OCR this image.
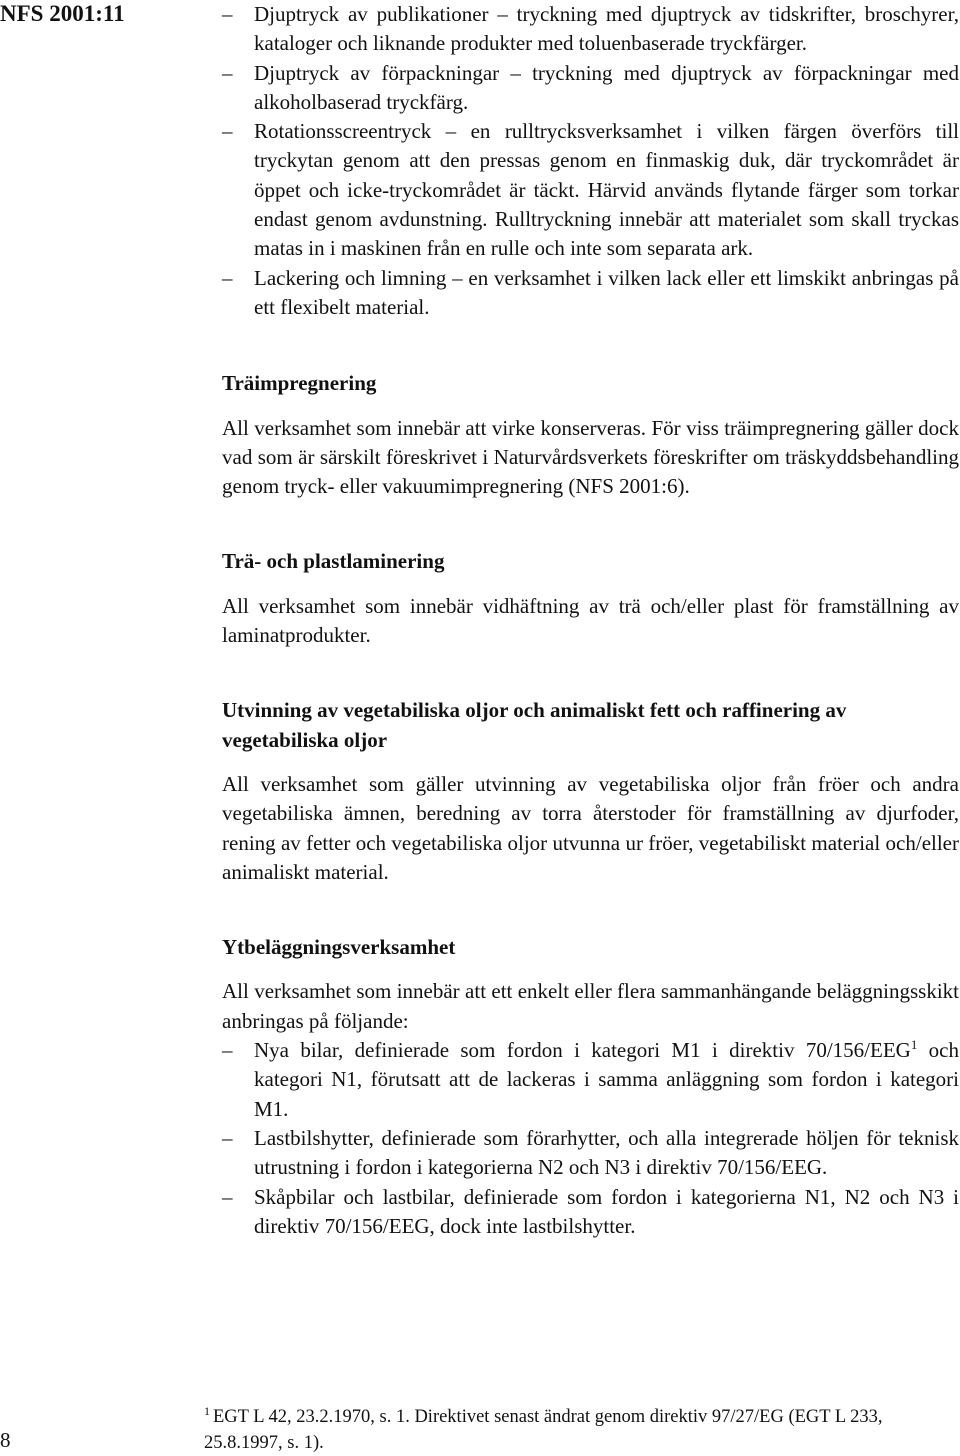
NFS 2001:11

–	Djuptryck av publikationer – tryckning med djuptryck av tidskrifter, broschyrer, kataloger och liknande produkter med toluenbaserade tryckfärger.

– Djuptryck av förpackningar – tryckning med djuptryck av förpackningar med alkoholbaserad tryckfärg.

– Rotationsscreentryck – en rulltrycksverksamhet i vilken färgen överförs till tryckytan genom att den pressas genom en finmaskig duk, där tryckområdet är öppet och icke-tryckområdet är täckt. Härvid används flytande färger som torkar endast genom avdunstning. Rulltryckning innebär att materialet som skall tryckas matas in i maskinen från en rulle och inte som separata ark.

– Lackering och limning – en verksamhet i vilken lack eller ett limskikt anbringas på ett flexibelt material.

Träimpregnering

All verksamhet som innebär att virke konserveras. För viss träimpregnering gäller dock vad som är särskilt föreskrivet i Naturvårdsverkets föreskrifter om träskyddsbehandling genom tryck- eller vakuumimpregnering (NFS 2001:6).

Trä- och plastlaminering

All verksamhet som innebär vidhäftning av trä och/eller plast för framställning av laminatprodukter.

Utvinning av vegetabiliska oljor och animaliskt fett och raffinering av vegetabiliska oljor

All verksamhet som gäller utvinning av vegetabiliska oljor från fröer och andra vegetabiliska ämnen, beredning av torra återstoder för framställning av djurfoder, rening av fetter och vegetabiliska oljor utvunna ur fröer, vegetabiliskt material och/eller animaliskt material.

Ytbeläggningsverksamhet

All verksamhet som innebär att ett enkelt eller flera sammanhängande beläggningsskikt anbringas på följande:

– Nya bilar, definierade som fordon i kategori M1 i direktiv 70/156/EEG$^1$ och kategori N1, förutsatt att de lackeras i samma anläggning som fordon i kategori M1.

– Lastbilshytter, definierade som förarhytter, och alla integrerade höljen för teknisk utrustning i fordon i kategorierna N2 och N3 i direktiv 70/156/EEG.

– Skåpbilar och lastbilar, definierade som fordon i kategorierna N1, N2 och N3 i direktiv 70/156/EEG, dock inte lastbilshytter.

$^1$ EGT L 42, 23.2.1970, s. 1. Direktivet senast ändrat genom direktiv 97/27/EG (EGT L 233, 25.8.1997, s. 1).
8
